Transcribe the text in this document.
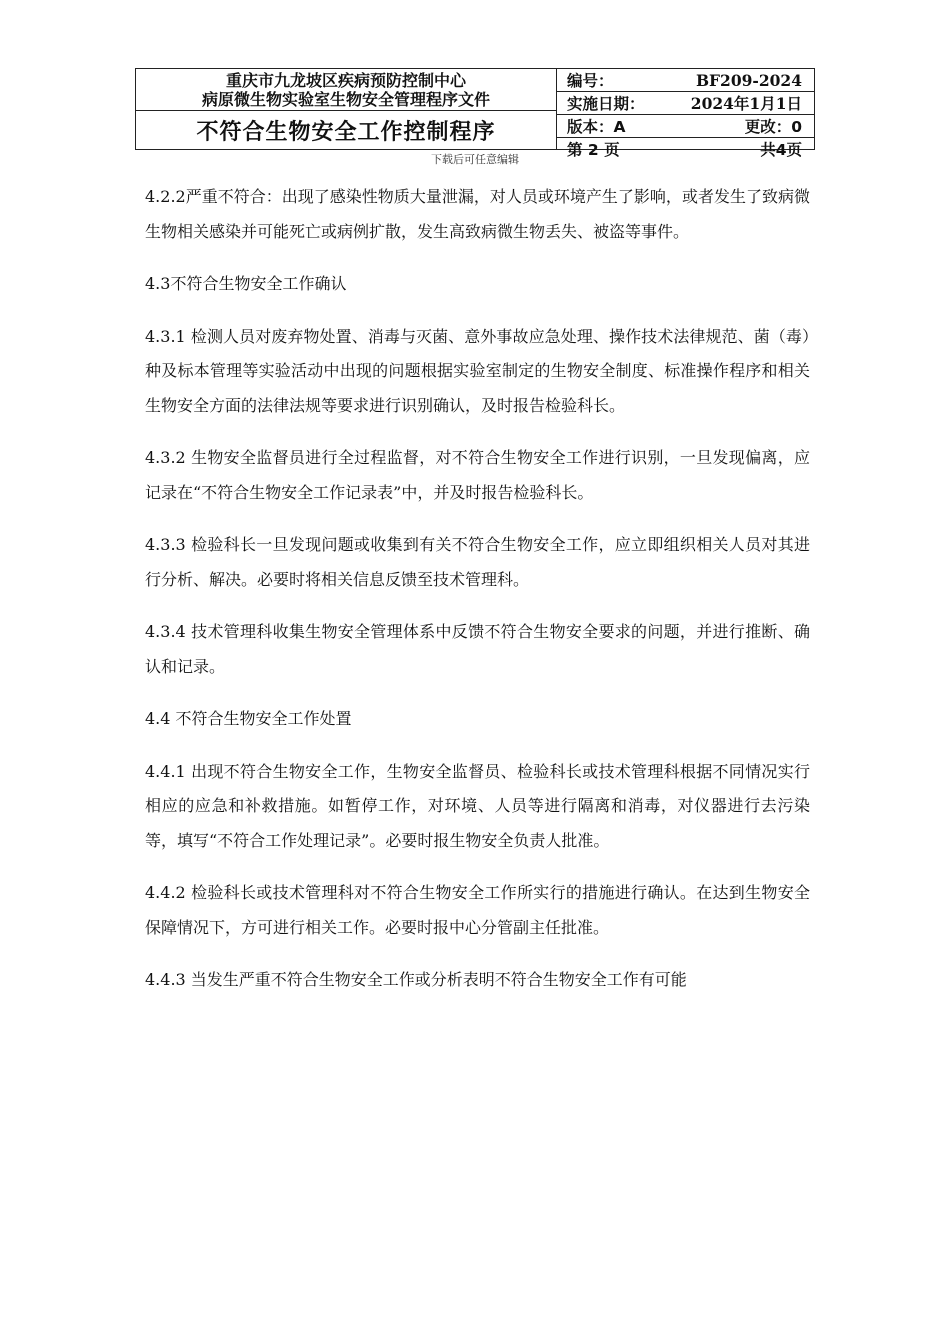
重庆市九龙坡区疾病预防控制中心
病原微生物实验室生物安全管理程序文件
不符合生物安全工作控制程序
编号：	BF209-2024
实施日期：	2024年1月1日
版本：A	更改：0
第 2 页	共4页
下载后可任意编辑

4.2.2严重不符合：出现了感染性物质大量泄漏，对人员或环境产生了影响，或者发生了致病微生物相关感染并可能死亡或病例扩散，发生高致病微生物丢失、被盗等事件。

4.3不符合生物安全工作确认

4.3.1 检测人员对废弃物处置、消毒与灭菌、意外事故应急处理、操作技术法律规范、菌（毒）种及标本管理等实验活动中出现的问题根据实验室制定的生物安全制度、标准操作程序和相关生物安全方面的法律法规等要求进行识别确认，及时报告检验科长。

4.3.2 生物安全监督员进行全过程监督，对不符合生物安全工作进行识别，一旦发现偏离，应记录在“不符合生物安全工作记录表”中，并及时报告检验科长。

4.3.3 检验科长一旦发现问题或收集到有关不符合生物安全工作，应立即组织相关人员对其进行分析、解决。必要时将相关信息反馈至技术管理科。

4.3.4 技术管理科收集生物安全管理体系中反馈不符合生物安全要求的问题，并进行推断、确认和记录。

4.4 不符合生物安全工作处置

4.4.1 出现不符合生物安全工作，生物安全监督员、检验科长或技术管理科根据不同情况实行相应的应急和补救措施。如暂停工作，对环境、人员等进行隔离和消毒，对仪器进行去污染等，填写“不符合工作处理记录”。必要时报生物安全负责人批准。

4.4.2 检验科长或技术管理科对不符合生物安全工作所实行的措施进行确认。在达到生物安全保障情况下，方可进行相关工作。必要时报中心分管副主任批准。

4.4.3 当发生严重不符合生物安全工作或分析表明不符合生物安全工作有可能
